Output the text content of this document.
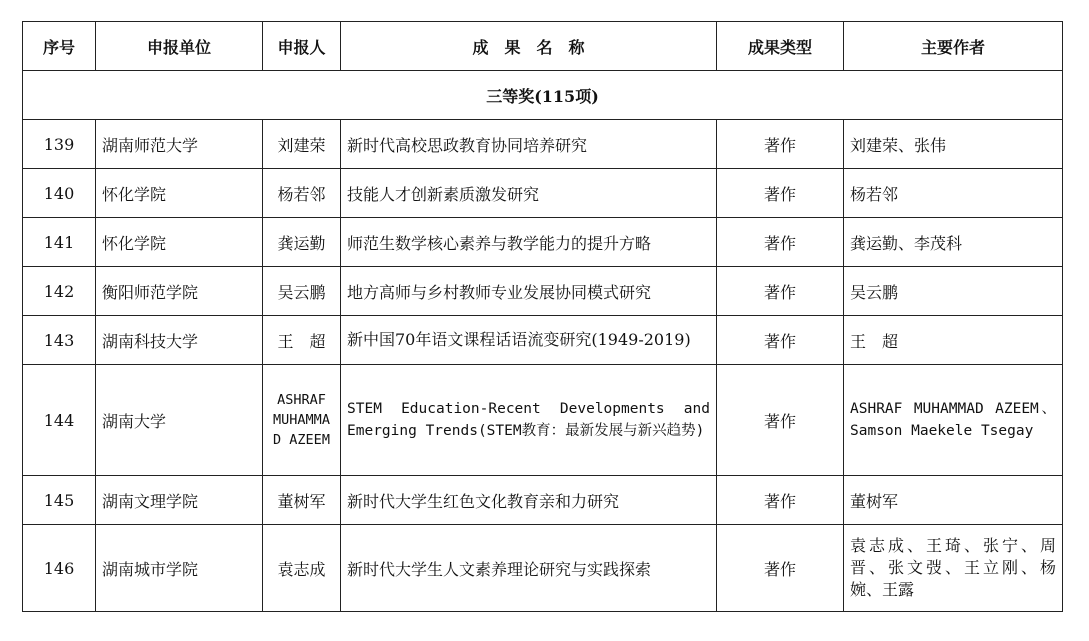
序号	申报单位	申报人	成　果　名　称	成果类型	主要作者
三等奖(115项)					
139	湖南师范大学	刘建荣	新时代高校思政教育协同培养研究	著作	刘建荣、张伟
140	怀化学院	杨若邻	技能人才创新素质激发研究	著作	杨若邻
141	怀化学院	龚运勤	师范生数学核心素养与教学能力的提升方略	著作	龚运勤、李茂科
142	衡阳师范学院	吴云鹏	地方高师与乡村教师专业发展协同模式研究	著作	吴云鹏
143	湖南科技大学	王　超	新中国70年语文课程话语流变研究(1949-2019)	著作	王　超
144	湖南大学	ASHRAF MUHAMMAD AZEEM	STEM Education-Recent Developments and Emerging Trends(STEM教育：最新发展与新兴趋势)	著作	ASHRAF MUHAMMAD AZEEM、Samson Maekele Tsegay
145	湖南文理学院	董树军	新时代大学生红色文化教育亲和力研究	著作	董树军
146	湖南城市学院	袁志成	新时代大学生人文素养理论研究与实践探索	著作	袁志成、王琦、张宁、周晋、张文弢、王立刚、杨婉、王露
